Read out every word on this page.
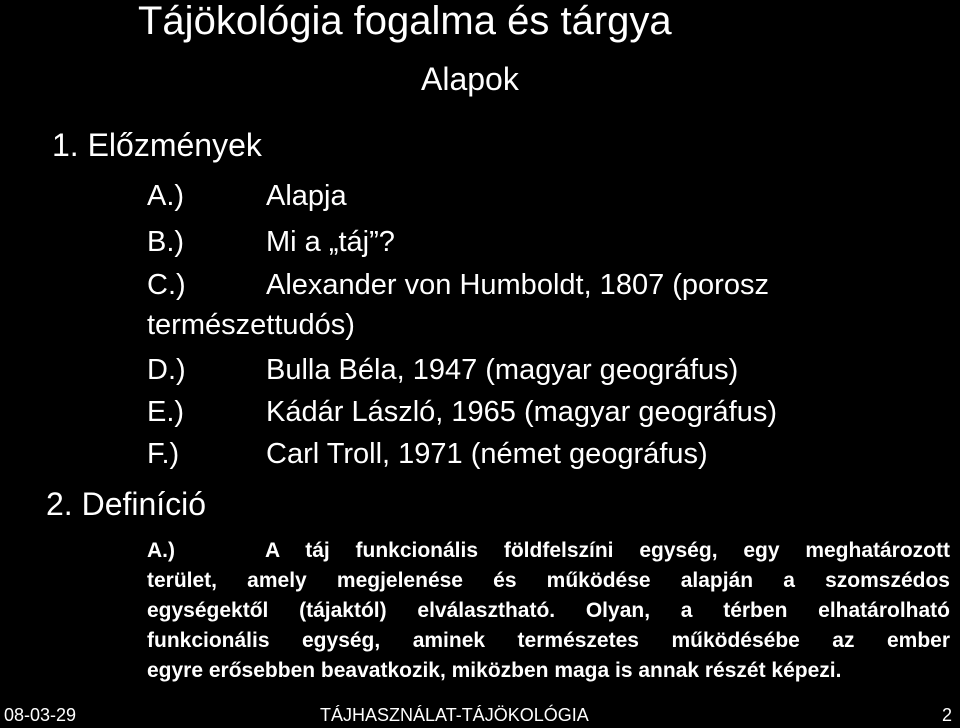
Tájökológia fogalma és tárgya
Alapok
1. Előzmények
A.)	Alapja
B.)	Mi a „táj”?
C.)	Alexander von Humboldt, 1807 (porosz
természettudós)
D.)	Bulla Béla, 1947 (magyar geográfus)
E.)	Kádár László, 1965 (magyar geográfus)
F.)	Carl Troll, 1971 (német geográfus)
2. Definíció
A.)	A táj funkcionális földfelszíni egység, egy meghatározott
terület, amely megjelenése és működése alapján a szomszédos
egységektől (tájaktól) elválasztható. Olyan, a térben elhatárolható
funkcionális egység, aminek természetes működésébe az ember
egyre erősebben beavatkozik, miközben maga is annak részét képezi.
08-03-29	TÁJHASZNÁLAT-TÁJÖKOLÓGIA	2
